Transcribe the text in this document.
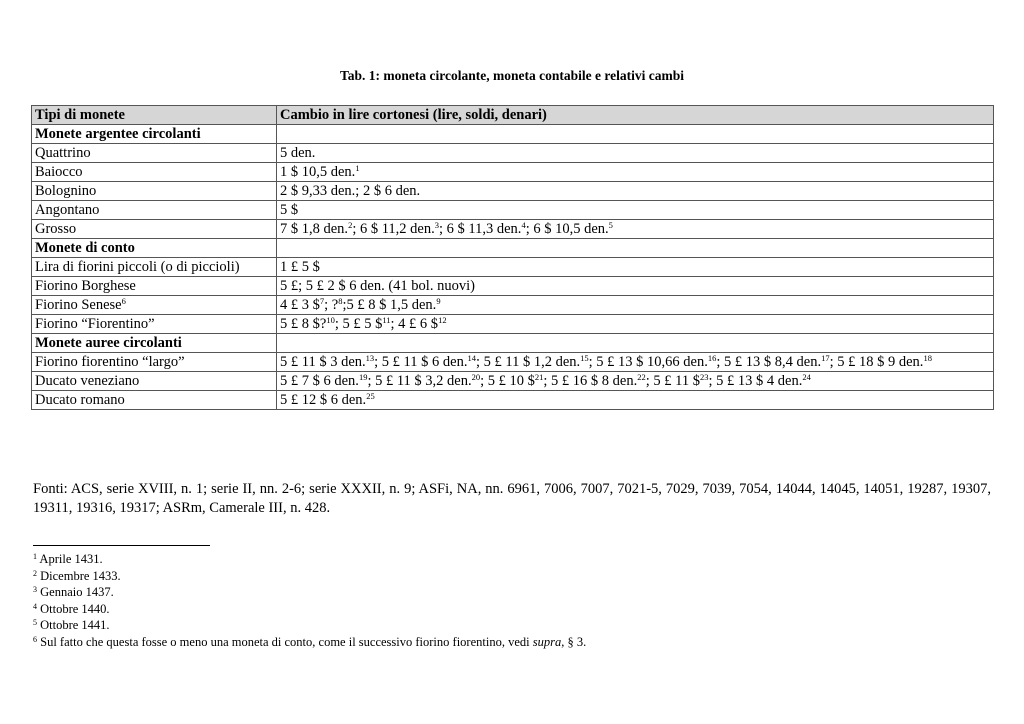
Tab. 1: moneta circolante, moneta contabile e relativi cambi
Tipi di monete	Cambio in lire cortonesi (lire, soldi, denari)
Monete argentee circolanti	
Quattrino	5 den.
Baiocco	1 $ 10,5 den.$^1$
Bolognino	2 $ 9,33 den.; 2 $ 6 den.
Angontano	5 $
Grosso	7 $ 1,8 den.$^2$; 6 $ 11,2 den.$^3$; 6 $ 11,3 den.$^4$; 6 $ 10,5 den.$^5$
Monete di conto	
Lira di fiorini piccoli (o di piccioli)	1 £ 5 $
Fiorino Borghese	5 £; 5 £ 2 $ 6 den. (41 bol. nuovi)
Fiorino Senese$^6$	4 £ 3 \$$^7$; ?$^8$;5 £ 8 $ 1,5 den.$^9$
Fiorino “Fiorentino”	5 £ 8 $?$^{10}$; 5 £ 5 \$$^{11}$; 4 £ 6 \$$^{12}$
Monete auree circolanti	
Fiorino fiorentino “largo”	5 £ 11 $ 3 den.$^{13}$; 5 £ 11 $ 6 den.$^{14}$; 5 £ 11 $ 1,2 den.$^{15}$; 5 £ 13 $ 10,66 den.$^{16}$; 5 £ 13 $ 8,4 den.$^{17}$; 5 £ 18 $ 9 den.$^{18}$
Ducato veneziano	5 £ 7 $ 6 den.$^{19}$; 5 £ 11 $ 3,2 den.$^{20}$; 5 £ 10 \$$^{21}$; 5 £ 16 $ 8 den.$^{22}$; 5 £ 11 \$$^{23}$; 5 £ 13 $ 4 den.$^{24}$
Ducato romano	5 £ 12 $ 6 den.$^{25}$
Fonti: ACS, serie XVIII, n. 1; serie II, nn. 2-6; serie XXXII, n. 9; ASFi, NA, nn. 6961, 7006, 7007, 7021-5, 7029, 7039, 7054, 14044, 14045, 14051, 19287, 19307, 19311, 19316, 19317; ASRm, Camerale III, n. 428.
$^1$ Aprile 1431.
$^2$ Dicembre 1433.
$^3$ Gennaio 1437.
$^4$ Ottobre 1440.
$^5$ Ottobre 1441.
$^6$ Sul fatto che questa fosse o meno una moneta di conto, come il successivo fiorino fiorentino, vedi supra, § 3.
